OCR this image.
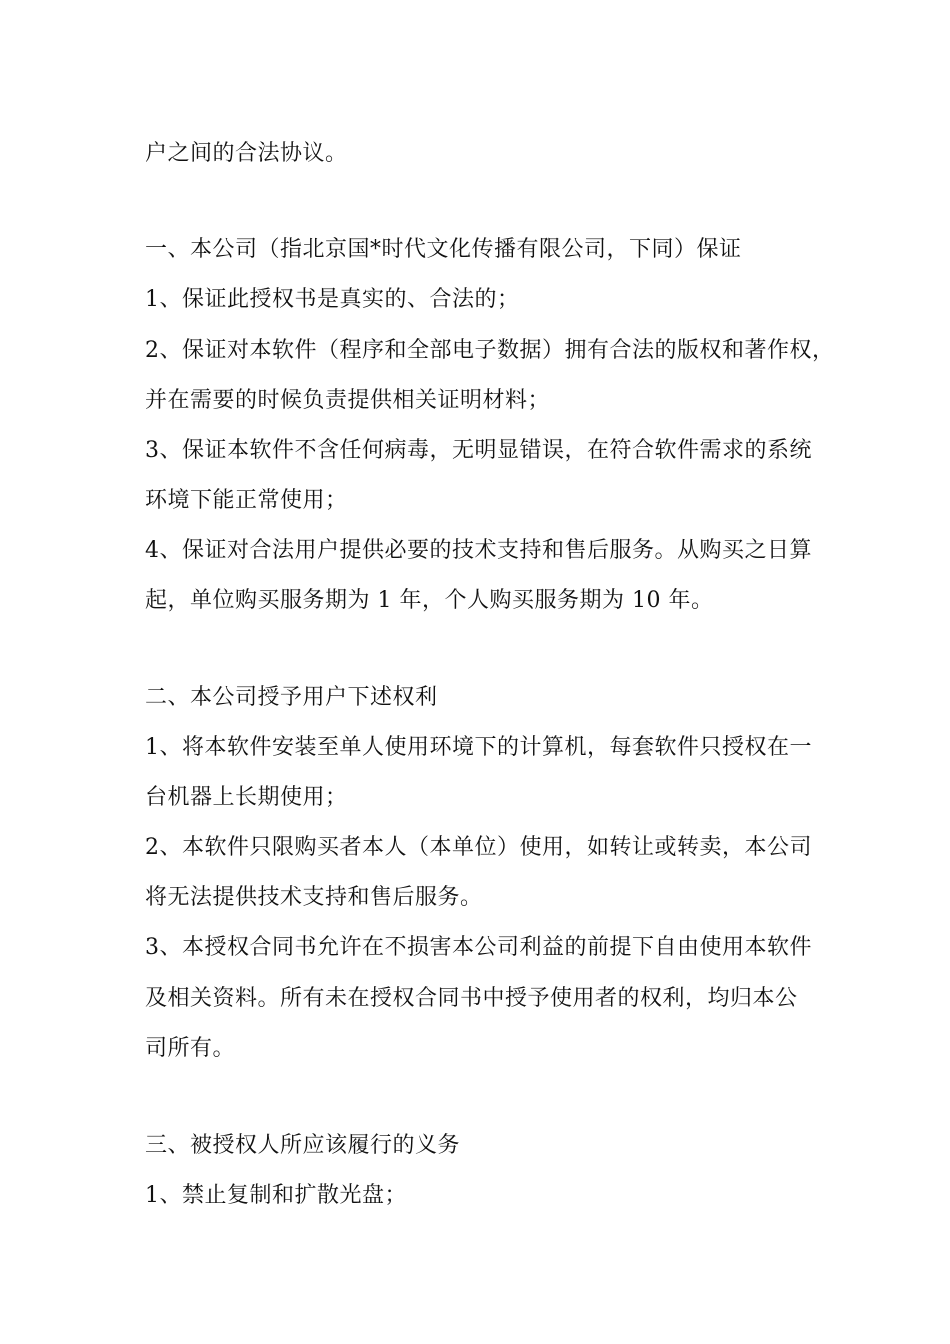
户之间的合法协议。
一、本公司（指北京国*时代文化传播有限公司，下同）保证
1、保证此授权书是真实的、合法的；
2、保证对本软件（程序和全部电子数据）拥有合法的版权和著作权，
并在需要的时候负责提供相关证明材料；
3、保证本软件不含任何病毒，无明显错误，在符合软件需求的系统
环境下能正常使用；
4、保证对合法用户提供必要的技术支持和售后服务。从购买之日算
起，单位购买服务期为 1 年，个人购买服务期为 10 年。
二、本公司授予用户下述权利
1、将本软件安装至单人使用环境下的计算机，每套软件只授权在一
台机器上长期使用；
2、本软件只限购买者本人（本单位）使用，如转让或转卖，本公司
将无法提供技术支持和售后服务。
3、本授权合同书允许在不损害本公司利益的前提下自由使用本软件
及相关资料。所有未在授权合同书中授予使用者的权利，均归本公
司所有。
三、被授权人所应该履行的义务
1、禁止复制和扩散光盘；
